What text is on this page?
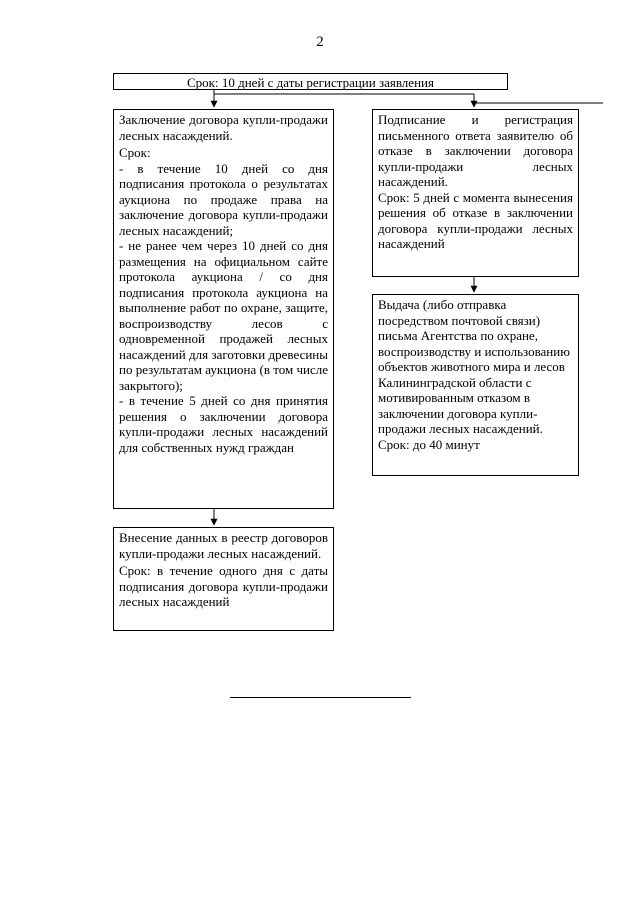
2
Срок: 10 дней с даты регистрации заявления

Заключение договора купли-продажи лесных насаждений.

Срок:

- в течение 10 дней со дня подписания протокола о результатах аукциона по продаже права на заключение договора купли-продажи лесных насаждений;

- не ранее чем через 10 дней со дня размещения на официальном сайте протокола аукциона / со дня подписания протокола аукциона на выполнение работ по охране, защите, воспроизводству лесов с одновременной продажей лесных насаждений для заготовки древесины по результатам аукциона (в том числе закрытого);

- в течение 5 дней со дня принятия решения о заключении договора купли-продажи лесных насаждений для собственных нужд граждан

Подписание и регистрация письменного ответа заявителю об отказе в заключении договора купли-продажи лесных насаждений.

Срок: 5 дней с момента вынесения решения об отказе в заключении договора купли-продажи лесных насаждений

Внесение данных в реестр договоров купли-продажи лесных насаждений.

Срок: в течение одного дня с даты подписания договора купли-продажи лесных насаждений

Выдача (либо отправка посредством почтовой связи) письма Агентства по охране, воспроизводству и использованию объектов животного мира и лесов Калининградской области с мотивированным отказом в заключении договора купли-продажи лесных насаждений.

Срок: до 40 минут
